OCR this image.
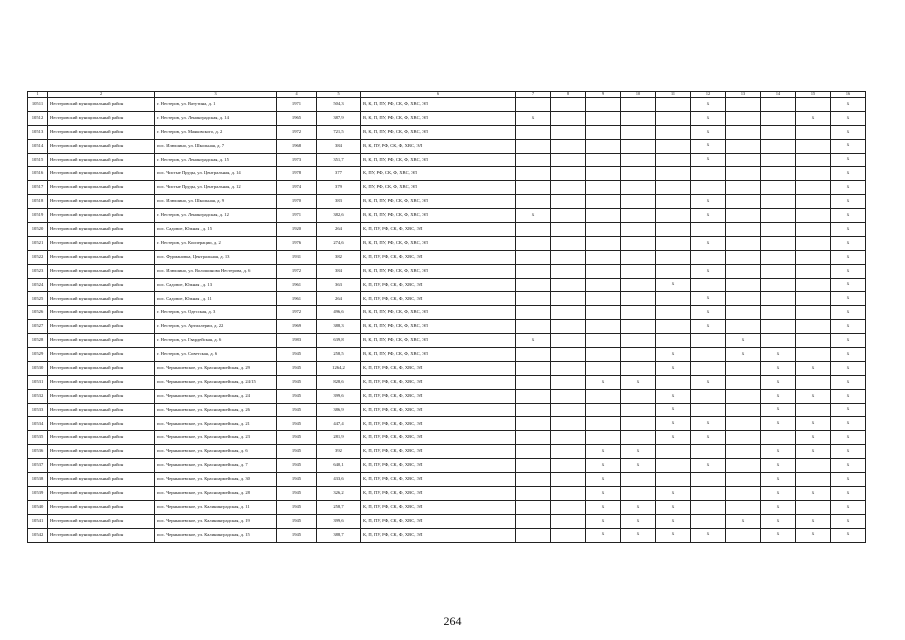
1	2	3	4	5	6	7	8	9	10	11	12	13	14	15	16
10511	Нестеровский муниципальный район	г. Нестеров, ул. Ватутина, д. 1	1971	504,3	В, К, П, ПУ, РФ, СК, Ф, ХВС, ЭЛ						х				х
10512	Нестеровский муниципальный район	г. Нестеров, ул. Ленинградская, д. 14	1965	387,9	В, К, П, ПУ, РФ, СК, Ф, ХВС, ЭЛ	х					х			х	х
10513	Нестеровский муниципальный район	г. Нестеров, ул. Маяковского, д. 2	1972	721,5	В, К, П, ПУ, РФ, СК, Ф, ХВС, ЭЛ						х				х
10514	Нестеровский муниципальный район	пос. Илюшино, ул. Школьная, д. 7	1968	384	В, К, ПУ, РФ, СК, Ф, ХВС, ЭЛ						х				х
10515	Нестеровский муниципальный район	г. Нестеров, ул. Ленинградская, д. 15	1973	351,7	В, К, П, ПУ, РФ, СК, Ф, ХВС, ЭЛ						х				х
10516	Нестеровский муниципальный район	пос. Чистые Пруды, ул. Центральная, д. 14	1978	377	К, ПУ, РФ, СК, Ф, ХВС, ЭЛ										х
10517	Нестеровский муниципальный район	пос. Чистые Пруды, ул. Центральная, д. 12	1974	379	К, ПУ, РФ, СК, Ф, ХВС, ЭЛ										х
10518	Нестеровский муниципальный район	пос. Илюшино, ул. Школьная, д. 9	1970	383	В, К, П, ПУ, РФ, СК, Ф, ХВС, ЭЛ						х				х
10519	Нестеровский муниципальный район	г. Нестеров, ул. Ленинградская, д. 12	1971	382,6	В, К, П, ПУ, РФ, СК, Ф, ХВС, ЭЛ	х					х				х
10520	Нестеровский муниципальный район	пос. Садовое, Южная , д. 15	1920	264	К, П, ПУ, РФ, СК, Ф, ХВС, ЭЛ										х
10521	Нестеровский муниципальный район	г. Нестеров, ул. Кооперации, д. 2	1976	274,6	В, К, П, ПУ, РФ, СК, Ф, ХВС, ЭЛ						х				х
10522	Нестеровский муниципальный район	пос. Фурмановка, Центральная, д. 13	1931	382	К, П, ПУ, РФ, СК, Ф, ХВС, ЭЛ										х
10523	Нестеровский муниципальный район	пос. Илюшино, ул. Волошинова Нестерова, д. 6	1972	384	В, К, П, ПУ, РФ, СК, Ф, ХВС, ЭЛ						х				х
10524	Нестеровский муниципальный район	пос. Садовое, Южная , д. 13	1961	363	К, П, ПУ, РФ, СК, Ф, ХВС, ЭЛ					х					х
10525	Нестеровский муниципальный район	пос. Садовое, Южная , д. 11	1961	264	К, П, ПУ, РФ, СК, Ф, ХВС, ЭЛ						х				х
10526	Нестеровский муниципальный район	г. Нестеров, ул. Одесская, д. 3	1972	496,6	В, К, П, ПУ, РФ, СК, Ф, ХВС, ЭЛ						х				х
10527	Нестеровский муниципальный район	г. Нестеров, ул. Артиллерии, д. 22	1969	388,3	В, К, П, ПУ, РФ, СК, Ф, ХВС, ЭЛ						х				х
10528	Нестеровский муниципальный район	г. Нестеров, ул. Гвардейская, д. 6	1983	639,8	В, К, П, ПУ, РФ, СК, Ф, ХВС, ЭЛ	х						х			х
10529	Нестеровский муниципальный район	г. Нестеров, ул. Советская, д. 6	1945	258,5	В, К, П, ПУ, РФ, СК, Ф, ХВС, ЭЛ					х		х	х		х
10530	Нестеровский муниципальный район	пос. Чернышевское, ул. Красноармейская, д. 29	1945	1264,2	К, П, ПУ, РФ, СК, Ф, ХВС, ЭЛ					х			х	х	х
10531	Нестеровский муниципальный район	пос. Чернышевское, ул. Красноармейская, д. 24/15	1945	828,6	К, П, ПУ, РФ, СК, Ф, ХВС, ЭЛ			х	х		х		х		х
10532	Нестеровский муниципальный район	пос. Чернышевское, ул. Красноармейская, д. 24	1945	399,6	К, П, ПУ, РФ, СК, Ф, ХВС, ЭЛ					х			х	х	х
10533	Нестеровский муниципальный район	пос. Чернышевское, ул. Красноармейская, д. 26	1945	386,9	К, П, ПУ, РФ, СК, Ф, ХВС, ЭЛ					х			х		х
10534	Нестеровский муниципальный район	пос. Чернышевское, ул. Красноармейская, д. 21	1945	447,4	К, П, ПУ, РФ, СК, Ф, ХВС, ЭЛ					х	х		х	х	х
10535	Нестеровский муниципальный район	пос. Чернышевское, ул. Красноармейская, д. 23	1945	281,9	К, П, ПУ, РФ, СК, Ф, ХВС, ЭЛ					х	х			х	х
10536	Нестеровский муниципальный район	пос. Чернышевское, ул. Красноармейская, д. 6	1945	392	К, П, ПУ, РФ, СК, Ф, ХВС, ЭЛ			х	х				х	х	х
10537	Нестеровский муниципальный район	пос. Чернышевское, ул. Красноармейская, д. 7	1945	640,1	К, П, ПУ, РФ, СК, Ф, ХВС, ЭЛ			х	х		х		х		х
10538	Нестеровский муниципальный район	пос. Чернышевское, ул. Красноармейская, д. 30	1945	433,6	К, П, ПУ, РФ, СК, Ф, ХВС, ЭЛ			х					х		х
10539	Нестеровский муниципальный район	пос. Чернышевское, ул. Красноармейская, д. 28	1945	326,2	К, П, ПУ, РФ, СК, Ф, ХВС, ЭЛ			х		х			х	х	х
10540	Нестеровский муниципальный район	пос. Чернышевское, ул. Калининградская, д. 11	1945	258,7	К, П, ПУ, РФ, СК, Ф, ХВС, ЭЛ			х	х	х			х		х
10541	Нестеровский муниципальный район	пос. Чернышевское, ул. Калининградская, д. 19	1945	399,6	К, П, ПУ, РФ, СК, Ф, ХВС, ЭЛ			х	х	х		х	х	х	х
10542	Нестеровский муниципальный район	пос. Чернышевское, ул. Калининградская, д. 15	1945	388,7	К, П, ПУ, РФ, СК, Ф, ХВС, ЭЛ			х	х	х	х		х	х	х
264
